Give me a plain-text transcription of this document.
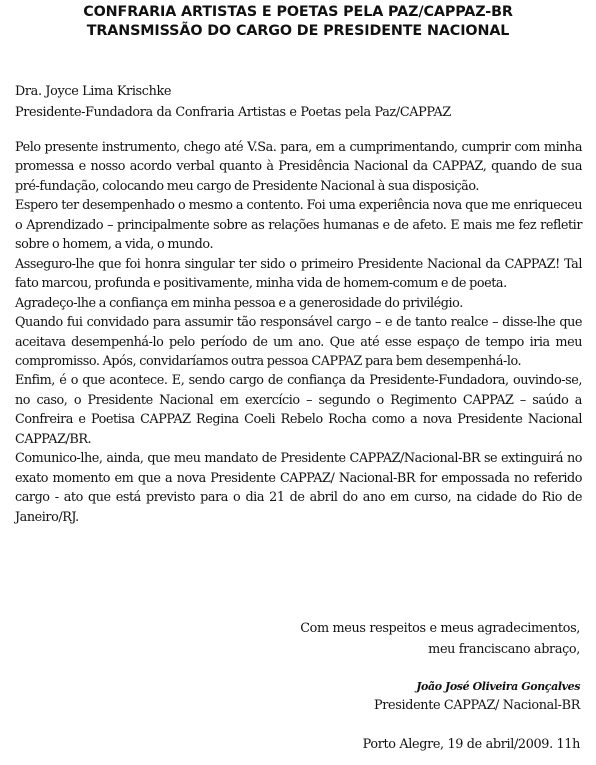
CONFRARIA ARTISTAS E POETAS PELA PAZ/CAPPAZ-BR
TRANSMISSÃO DO CARGO DE PRESIDENTE NACIONAL
Dra. Joyce Lima Krischke
Presidente-Fundadora da Confraria Artistas e Poetas pela Paz/CAPPAZ

Pelo presente instrumento, chego até V.Sa. para, em a cumprimentando, cumprir com minha promessa e nosso acordo verbal quanto à Presidência Nacional da CAPPAZ, quando de sua pré-fundação, colocando meu cargo de Presidente Nacional à sua disposição.

Espero ter desempenhado o mesmo a contento. Foi uma experiência nova que me enriqueceu o Aprendizado – principalmente sobre as relações humanas e de afeto. E mais me fez refletir sobre o homem, a vida, o mundo.

Asseguro-lhe que foi honra singular ter sido o primeiro Presidente Nacional da CAPPAZ! Tal fato marcou, profunda e positivamente, minha vida de homem-comum e de poeta.

Agradeço-lhe a confiança em minha pessoa e a generosidade do privilégio.

Quando fui convidado para assumir tão responsável cargo – e de tanto realce – disse-lhe que aceitava desempenhá-lo pelo período de um ano. Que até esse espaço de tempo iria meu compromisso. Após, convidaríamos outra pessoa CAPPAZ para bem desempenhá-lo.

Enfim, é o que acontece. E, sendo cargo de confiança da Presidente-Fundadora, ouvindo-se, no caso, o Presidente Nacional em exercício – segundo o Regimento CAPPAZ – saúdo a Confreira e Poetisa CAPPAZ Regina Coeli Rebelo Rocha como a nova Presidente Nacional CAPPAZ/BR.

Comunico-lhe, ainda, que meu mandato de Presidente CAPPAZ/Nacional-BR se extinguirá no exato momento em que a nova Presidente CAPPAZ/ Nacional-BR for empossada no referido cargo - ato que está previsto para o dia 21 de abril do ano em curso, na cidade do Rio de Janeiro/RJ.

Com meus respeitos e meus agradecimentos,
meu franciscano abraço,
João José Oliveira Gonçalves
Presidente CAPPAZ/ Nacional-BR
Porto Alegre, 19 de abril/2009. 11h
